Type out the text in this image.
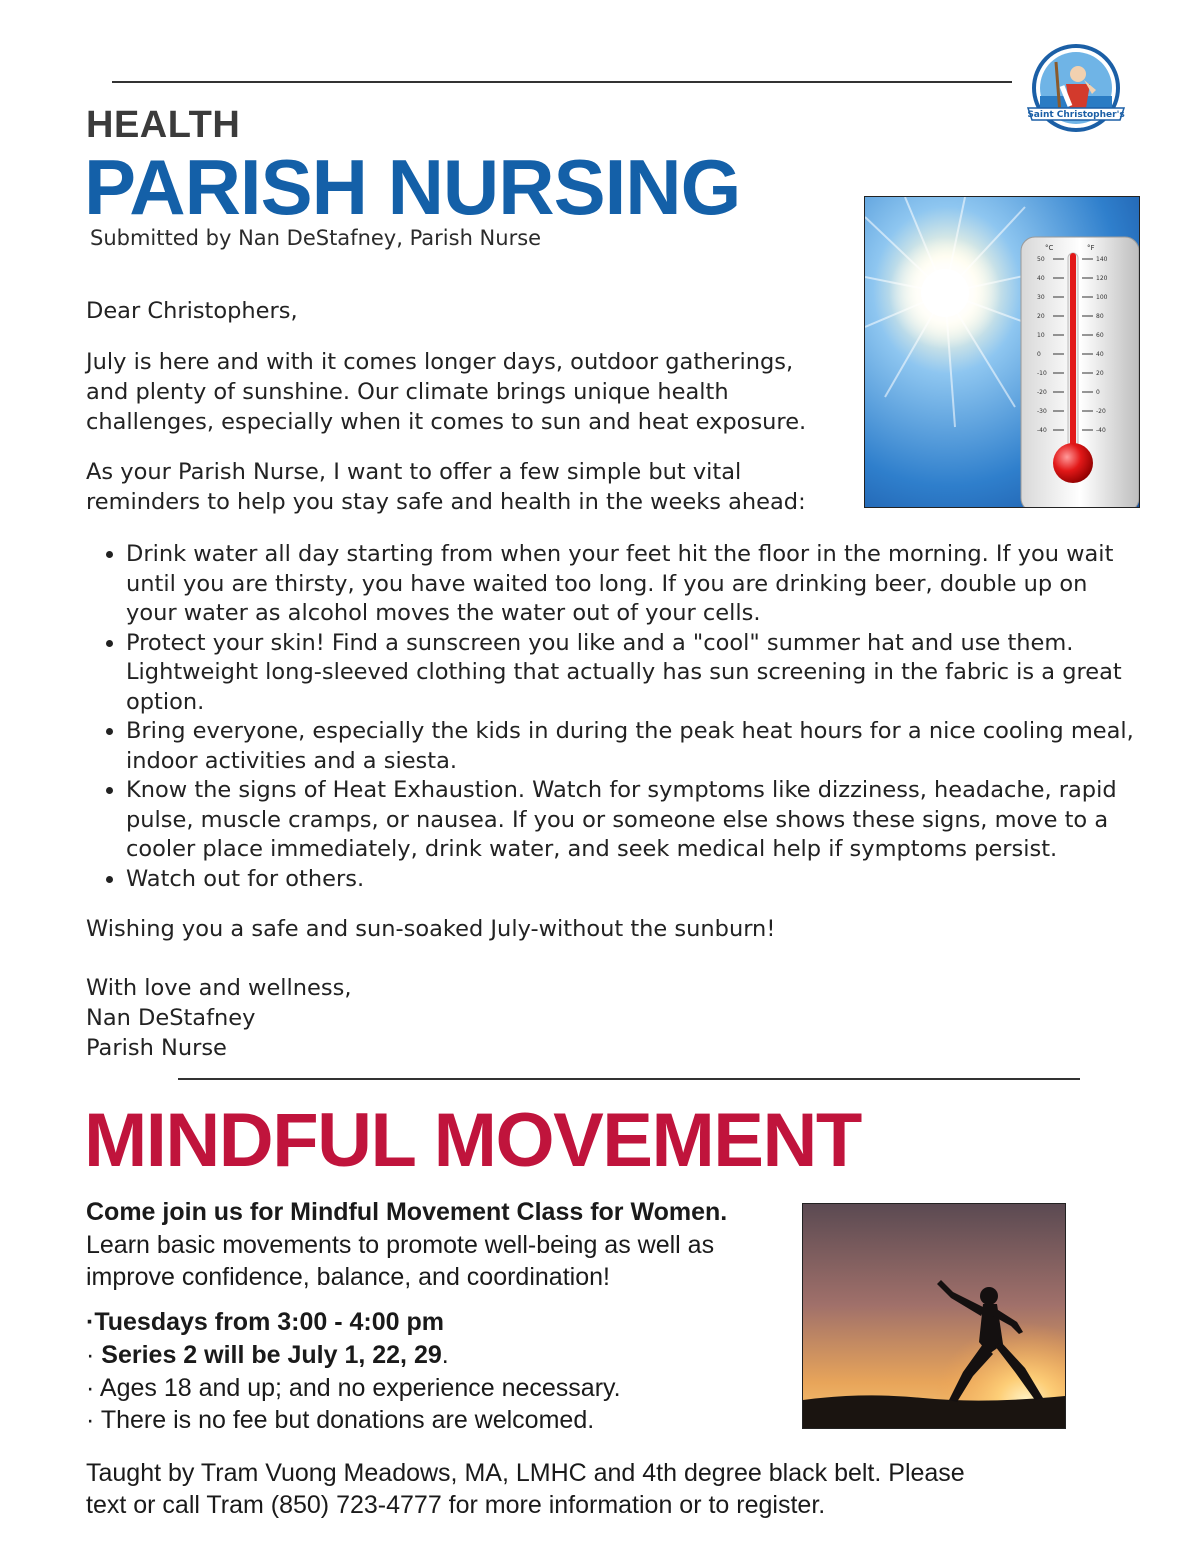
Saint Christopher's
HEALTH
PARISH NURSING
Submitted by Nan DeStafney, Parish Nurse	°C	°F
50
40
30
20
10
0
-10
-20
-30
-40
140
120
100
80
60
40
20
0
-20
-40
Dear Christophers,
July is here and with it comes longer days, outdoor gatherings,
and plenty of sunshine. Our climate brings unique health
challenges, especially when it comes to sun and heat exposure.
As your Parish Nurse, I want to offer a few simple but vital
reminders to help you stay safe and health in the weeks ahead:
• Drink water all day starting from when your feet hit the floor in the morning. If you wait
until you are thirsty, you have waited too long. If you are drinking beer, double up on
your water as alcohol moves the water out of your cells.
• Protect your skin! Find a sunscreen you like and a "cool" summer hat and use them.
Lightweight long-sleeved clothing that actually has sun screening in the fabric is a great
option.
• Bring everyone, especially the kids in during the peak heat hours for a nice cooling meal,
indoor activities and a siesta.
• Know the signs of Heat Exhaustion. Watch for symptoms like dizziness, headache, rapid
pulse, muscle cramps, or nausea. If you or someone else shows these signs, move to a
cooler place immediately, drink water, and seek medical help if symptoms persist.
• Watch out for others.
Wishing you a safe and sun-soaked July-without the sunburn!
With love and wellness,
Nan DeStafney
Parish Nurse
MINDFUL MOVEMENT
Come join us for Mindful Movement Class for Women.
Learn basic movements to promote well-being as well as
improve confidence, balance, and coordination!
·Tuesdays from 3:00 - 4:00 pm
· Series 2 will be July 1, 22, 29.
· Ages 18 and up; and no experience necessary.
· There is no fee but donations are welcomed.
Taught by Tram Vuong Meadows, MA, LMHC and 4th degree black belt. Please
text or call Tram (850) 723-4777 for more information or to register.
